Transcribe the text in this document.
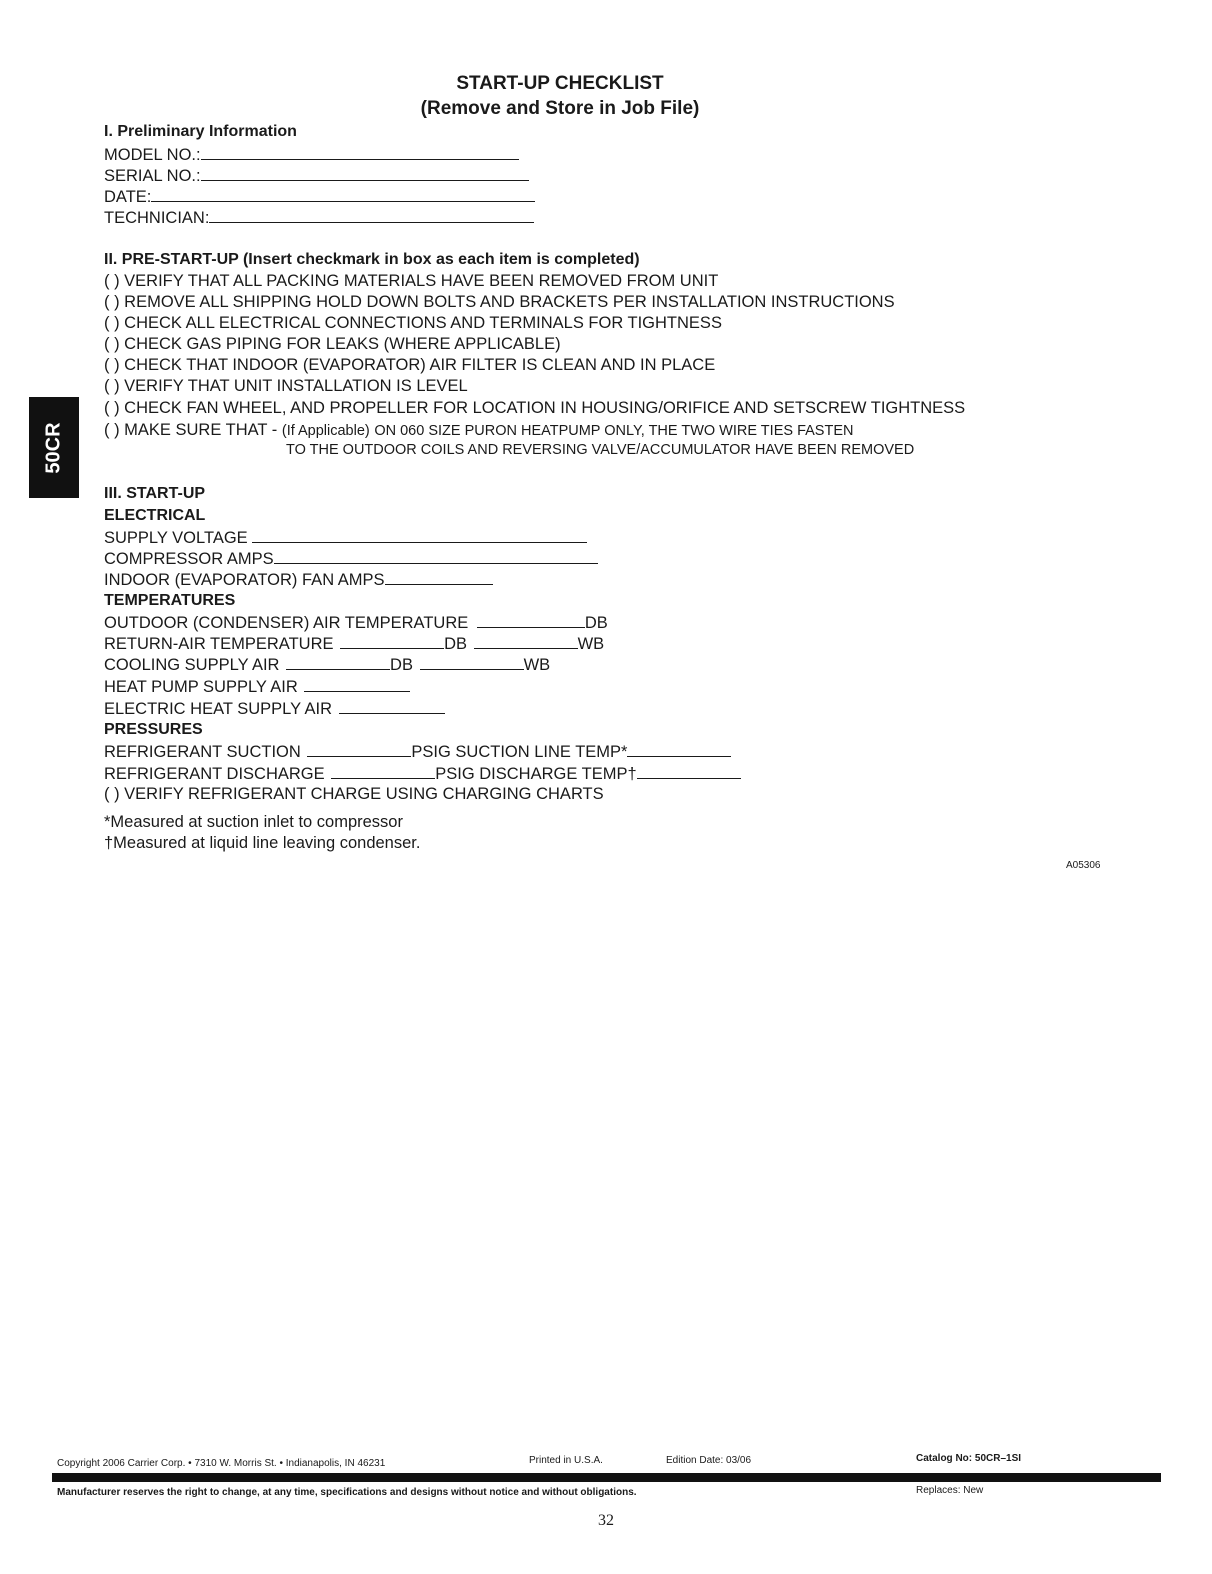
50CR
START-UP CHECKLIST
(Remove and Store in Job File)
I. Preliminary Information
MODEL NO.:
SERIAL NO.:
DATE:
TECHNICIAN:
II. PRE-START-UP (Insert checkmark in box as each item is completed)
( ) VERIFY THAT ALL PACKING MATERIALS HAVE BEEN REMOVED FROM UNIT
( ) REMOVE ALL SHIPPING HOLD DOWN BOLTS AND BRACKETS PER INSTALLATION INSTRUCTIONS
( ) CHECK ALL ELECTRICAL CONNECTIONS AND TERMINALS FOR TIGHTNESS
( ) CHECK GAS PIPING FOR LEAKS (WHERE APPLICABLE)
( ) CHECK THAT INDOOR (EVAPORATOR) AIR FILTER IS CLEAN AND IN PLACE
( ) VERIFY THAT UNIT INSTALLATION IS LEVEL
( ) CHECK FAN WHEEL, AND PROPELLER FOR LOCATION IN HOUSING/ORIFICE AND SETSCREW TIGHTNESS
( ) MAKE SURE THAT - (If Applicable) ON 060 SIZE PURON HEATPUMP ONLY, THE TWO WIRE TIES FASTEN
TO THE OUTDOOR COILS AND REVERSING VALVE/ACCUMULATOR HAVE BEEN REMOVED
III. START-UP
ELECTRICAL
SUPPLY VOLTAGE
COMPRESSOR AMPS
INDOOR (EVAPORATOR) FAN AMPS
TEMPERATURES
OUTDOOR (CONDENSER) AIR TEMPERATURE	DB
RETURN-AIR TEMPERATURE	DB	WB
COOLING SUPPLY AIR	DB	WB
HEAT PUMP SUPPLY AIR
ELECTRIC HEAT SUPPLY AIR
PRESSURES
REFRIGERANT SUCTION	PSIG SUCTION LINE TEMP*
REFRIGERANT DISCHARGE	PSIG DISCHARGE TEMP†
( ) VERIFY REFRIGERANT CHARGE USING CHARGING CHARTS
*Measured at suction inlet to compressor
†Measured at liquid line leaving condenser.
A05306
Copyright 2006 Carrier Corp. • 7310 W. Morris St. • Indianapolis, IN 46231	Printed in U.S.A.	Edition Date: 03/06	Catalog No: 50CR–1SI
Manufacturer reserves the right to change, at any time, specifications and designs without notice and without obligations.	Replaces: New
32
